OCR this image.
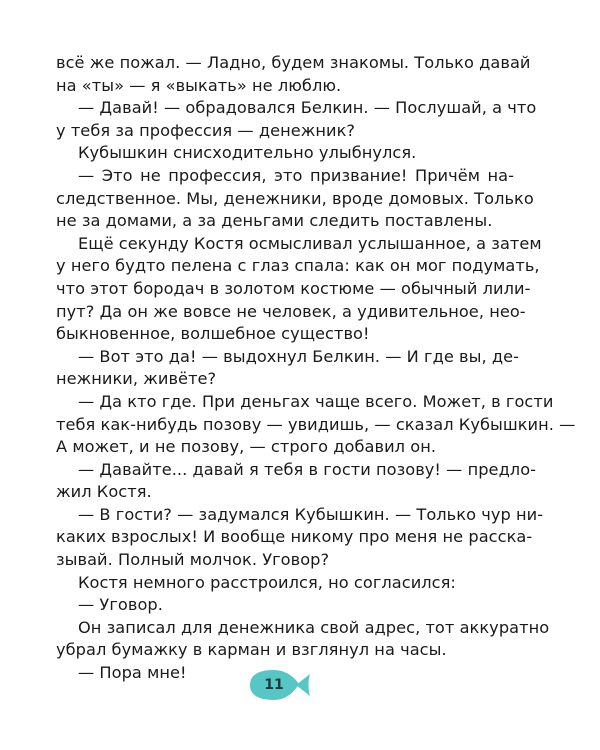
всё же пожал. — Ладно, будем знакомы. Только давай
на «ты» — я «выкать» не люблю.
— Давай! — обрадовался Белкин. — Послушай, а что
у тебя за профессия — денежник?
Кубышкин снисходительно улыбнулся.
— Это не профессия, это призвание! Причём на-
следственное. Мы, денежники, вроде домовых. Только
не за домами, а за деньгами следить поставлены.
Ещё секунду Костя осмысливал услышанное, а затем
у него будто пелена с глаз спала: как он мог подумать,
что этот бородач в золотом костюме — обычный лили-
пут? Да он же вовсе не человек, а удивительное, нео-
быкновенное, волшебное существо!
— Вот это да! — выдохнул Белкин. — И где вы, де-
нежники, живёте?
— Да кто где. При деньгах чаще всего. Может, в гости
тебя как-нибудь позову — увидишь, — сказал Кубышкин. —
А может, и не позову, — строго добавил он.
— Давайте... давай я тебя в гости позову! — предло-
жил Костя.
— В гости? — задумался Кубышкин. — Только чур ни-
каких взрослых! И вообще никому про меня не расска-
зывай. Полный молчок. Уговор?
Костя немного расстроился, но согласился:
— Уговор.
Он записал для денежника свой адрес, тот аккуратно
убрал бумажку в карман и взглянул на часы.
— Пора мне!
11
